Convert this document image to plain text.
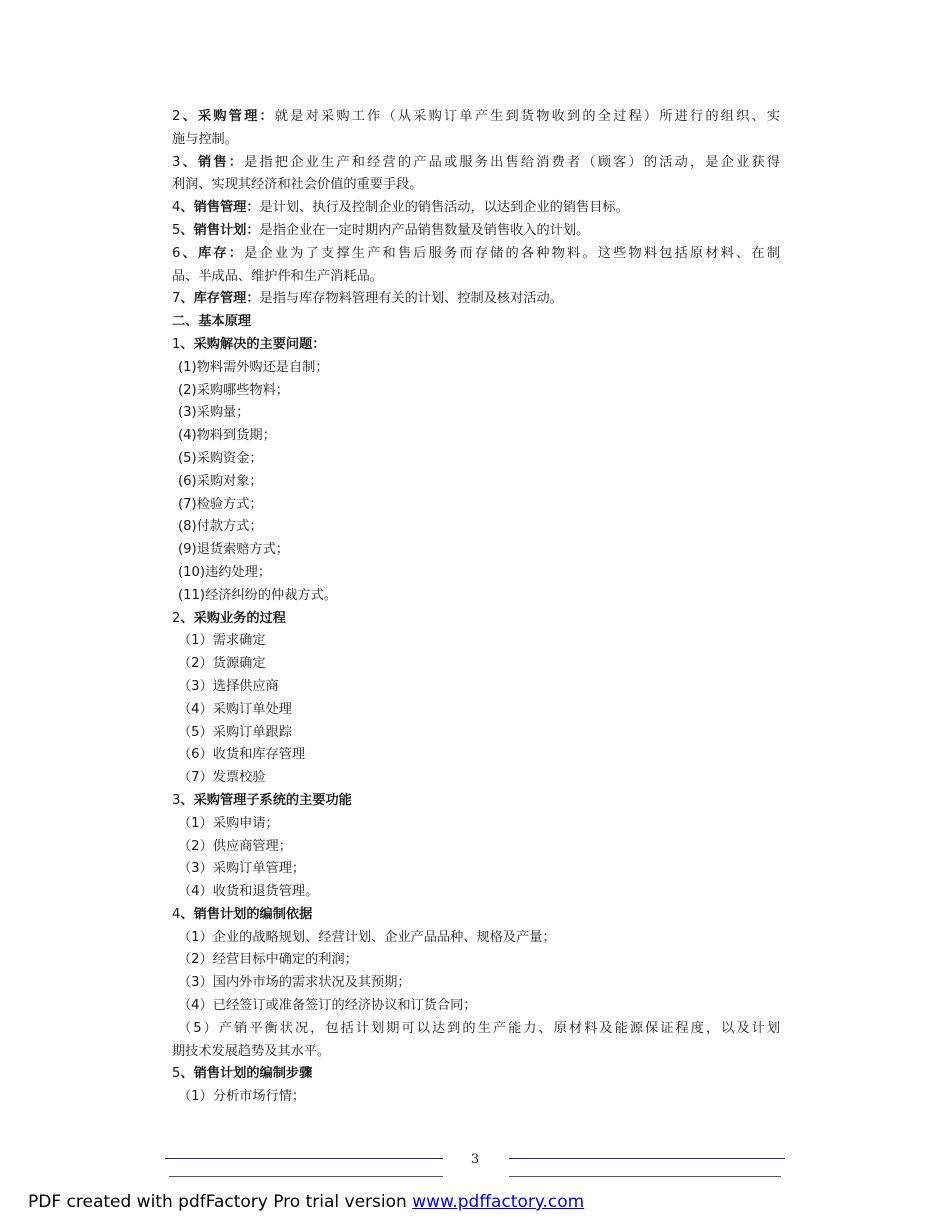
2、采购管理：就是对采购工作（从采购订单产生到货物收到的全过程）所进行的组织、实
施与控制。
3、销售：是指把企业生产和经营的产品或服务出售给消费者（顾客）的活动，是企业获得
利润、实现其经济和社会价值的重要手段。
4、销售管理：是计划、执行及控制企业的销售活动，以达到企业的销售目标。
5、销售计划：是指企业在一定时期内产品销售数量及销售收入的计划。
6、库存：是企业为了支撑生产和售后服务而存储的各种物料。这些物料包括原材料、在制
品、半成品、维护件和生产消耗品。
7、库存管理：是指与库存物料管理有关的计划、控制及核对活动。
二、基本原理
1、采购解决的主要问题：
(1)物料需外购还是自制；
(2)采购哪些物料；
(3)采购量；
(4)物料到货期；
(5)采购资金；
(6)采购对象；
(7)检验方式；
(8)付款方式；
(9)退货索赔方式；
(10)违约处理；
(11)经济纠纷的仲裁方式。
2、采购业务的过程
（1）需求确定
（2）货源确定
（3）选择供应商
（4）采购订单处理
（5）采购订单跟踪
（6）收货和库存管理
（7）发票校验
3、采购管理子系统的主要功能
（1）采购申请；
（2）供应商管理；
（3）采购订单管理；
（4）收货和退货管理。
4、销售计划的编制依据
（1）企业的战略规划、经营计划、企业产品品种、规格及产量；
（2）经营目标中确定的利润；
（3）国内外市场的需求状况及其预期；
（4）已经签订或准备签订的经济协议和订货合同；
（5）产销平衡状况，包括计划期可以达到的生产能力、原材料及能源保证程度，以及计划
期技术发展趋势及其水平。
5、销售计划的编制步骤
（1）分析市场行情；
3
PDF created with pdfFactory Pro trial version www.pdffactory.com
